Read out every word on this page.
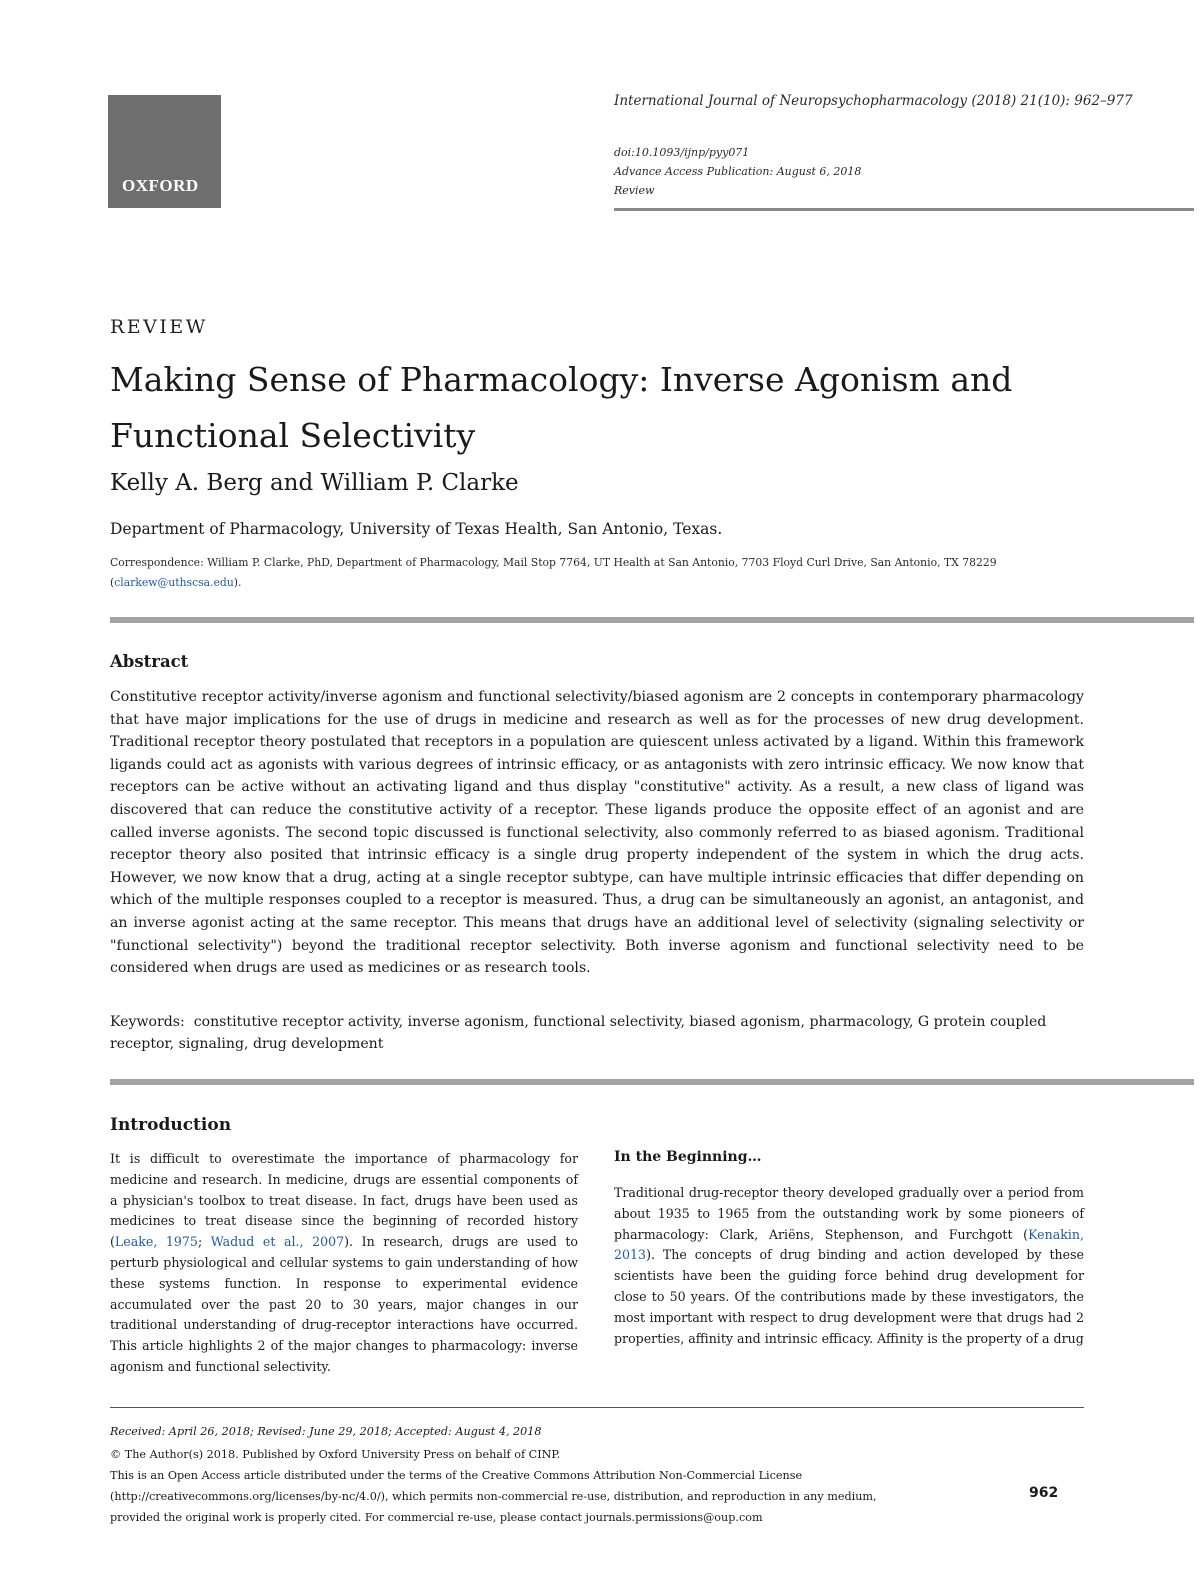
OXFORD
International Journal of Neuropsychopharmacology (2018) 21(10): 962–977
doi:10.1093/ijnp/pyy071
Advance Access Publication: August 6, 2018
Review
REVIEW
Making Sense of Pharmacology: Inverse Agonism and Functional Selectivity
Kelly A. Berg and William P. Clarke
Department of Pharmacology, University of Texas Health, San Antonio, Texas.
Correspondence: William P. Clarke, PhD, Department of Pharmacology, Mail Stop 7764, UT Health at San Antonio, 7703 Floyd Curl Drive, San Antonio, TX 78229 (clarkew@uthscsa.edu).
Abstract
Constitutive receptor activity/inverse agonism and functional selectivity/biased agonism are 2 concepts in contemporary pharmacology that have major implications for the use of drugs in medicine and research as well as for the processes of new drug development. Traditional receptor theory postulated that receptors in a population are quiescent unless activated by a ligand. Within this framework ligands could act as agonists with various degrees of intrinsic efficacy, or as antagonists with zero intrinsic efficacy. We now know that receptors can be active without an activating ligand and thus display "constitutive" activity. As a result, a new class of ligand was discovered that can reduce the constitutive activity of a receptor. These ligands produce the opposite effect of an agonist and are called inverse agonists. The second topic discussed is functional selectivity, also commonly referred to as biased agonism. Traditional receptor theory also posited that intrinsic efficacy is a single drug property independent of the system in which the drug acts. However, we now know that a drug, acting at a single receptor subtype, can have multiple intrinsic efficacies that differ depending on which of the multiple responses coupled to a receptor is measured. Thus, a drug can be simultaneously an agonist, an antagonist, and an inverse agonist acting at the same receptor. This means that drugs have an additional level of selectivity (signaling selectivity or "functional selectivity") beyond the traditional receptor selectivity. Both inverse agonism and functional selectivity need to be considered when drugs are used as medicines or as research tools.
Keywords: constitutive receptor activity, inverse agonism, functional selectivity, biased agonism, pharmacology, G protein coupled receptor, signaling, drug development
Introduction
It is difficult to overestimate the importance of pharmacology for medicine and research. In medicine, drugs are essential components of a physician's toolbox to treat disease. In fact, drugs have been used as medicines to treat disease since the beginning of recorded history (Leake, 1975; Wadud et al., 2007). In research, drugs are used to perturb physiological and cellular systems to gain understanding of how these systems function. In response to experimental evidence accumulated over the past 20 to 30 years, major changes in our traditional understanding of drug-receptor interactions have occurred. This article highlights 2 of the major changes to pharmacology: inverse agonism and functional selectivity.
In the Beginning…
Traditional drug-receptor theory developed gradually over a period from about 1935 to 1965 from the outstanding work by some pioneers of pharmacology: Clark, Ariëns, Stephenson, and Furchgott (Kenakin, 2013). The concepts of drug binding and action developed by these scientists have been the guiding force behind drug development for close to 50 years. Of the contributions made by these investigators, the most important with respect to drug development were that drugs had 2 properties, affinity and intrinsic efficacy. Affinity is the property of a drug

Received: April 26, 2018; Revised: June 29, 2018; Accepted: August 4, 2018

© The Author(s) 2018. Published by Oxford University Press on behalf of CINP.

This is an Open Access article distributed under the terms of the Creative Commons Attribution Non-Commercial License

(http://creativecommons.org/licenses/by-nc/4.0/), which permits non-commercial re-use, distribution, and reproduction in any medium,

provided the original work is properly cited. For commercial re-use, please contact journals.permissions@oup.com

962
